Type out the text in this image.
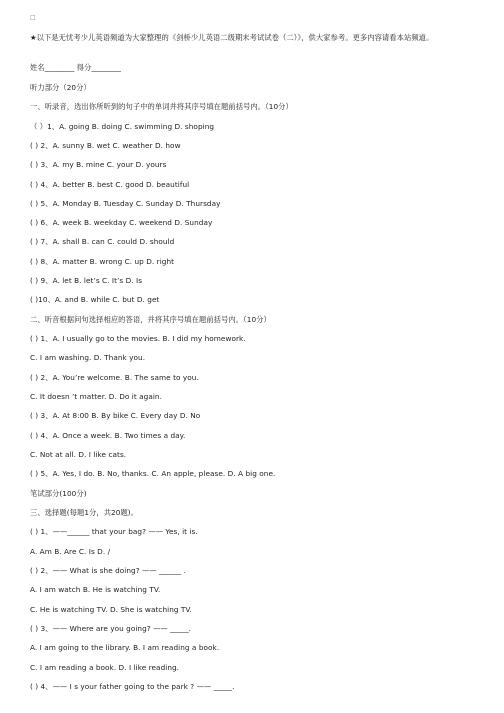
□
★以下是无忧考少儿英语频道为大家整理的《剑桥少儿英语二级期末考试试卷（二）》，供大家参考。更多内容请看本站频道。
姓名________ 得分________
听力部分（20分）
一、听录音，选出你所听到的句子中的单词并将其序号填在题前括号内。（10分）
（ ）1、A. going B. doing C. swimming D. shoping
( ) 2、A. sunny B. wet C. weather D. how
( ) 3、A. my B. mine C. your D. yours
( ) 4、A. better B. best C. good D. beautiful
( ) 5、A. Monday B. Tuesday C. Sunday D. Thursday
( ) 6、A. week B. weekday C. weekend D. Sunday
( ) 7、A. shall B. can C. could D. should
( ) 8、A. matter B. wrong C. up D. right
( ) 9、A. let B. let’s C. It’s D. Is
( )10、A. and B. while C. but D. get
二、听音根据问句选择相应的答语，并将其序号填在题前括号内。（10分）
( ) 1、A. I usually go to the movies. B. I did my homework.
C. I am washing. D. Thank you.
( ) 2、A. You’re welcome. B. The same to you.
C. It doesn ’t matter. D. Do it again.
( ) 3、A. At 8:00 B. By bike C. Every day D. No
( ) 4、A. Once a week. B. Two times a day.
C. Not at all. D. I like cats.
( ) 5、A. Yes, I do. B. No, thanks. C. An apple, please. D. A big one.
笔试部分(100分)
三、选择题(每题1分，共20题)。
( ) 1、——______ that your bag? —— Yes, it is.
A. Am B. Are C. Is D. /
( ) 2、—— What is she doing? —— ______ .
A. I am watch B. He is watching TV.
C. He is watching TV. D. She is watching TV.
( ) 3、—— Where are you going? —— _____.
A. I am going to the library. B. I am reading a book.
C. I am reading a book. D. I like reading.
( ) 4、—— I s your father going to the park ? —— _____.
